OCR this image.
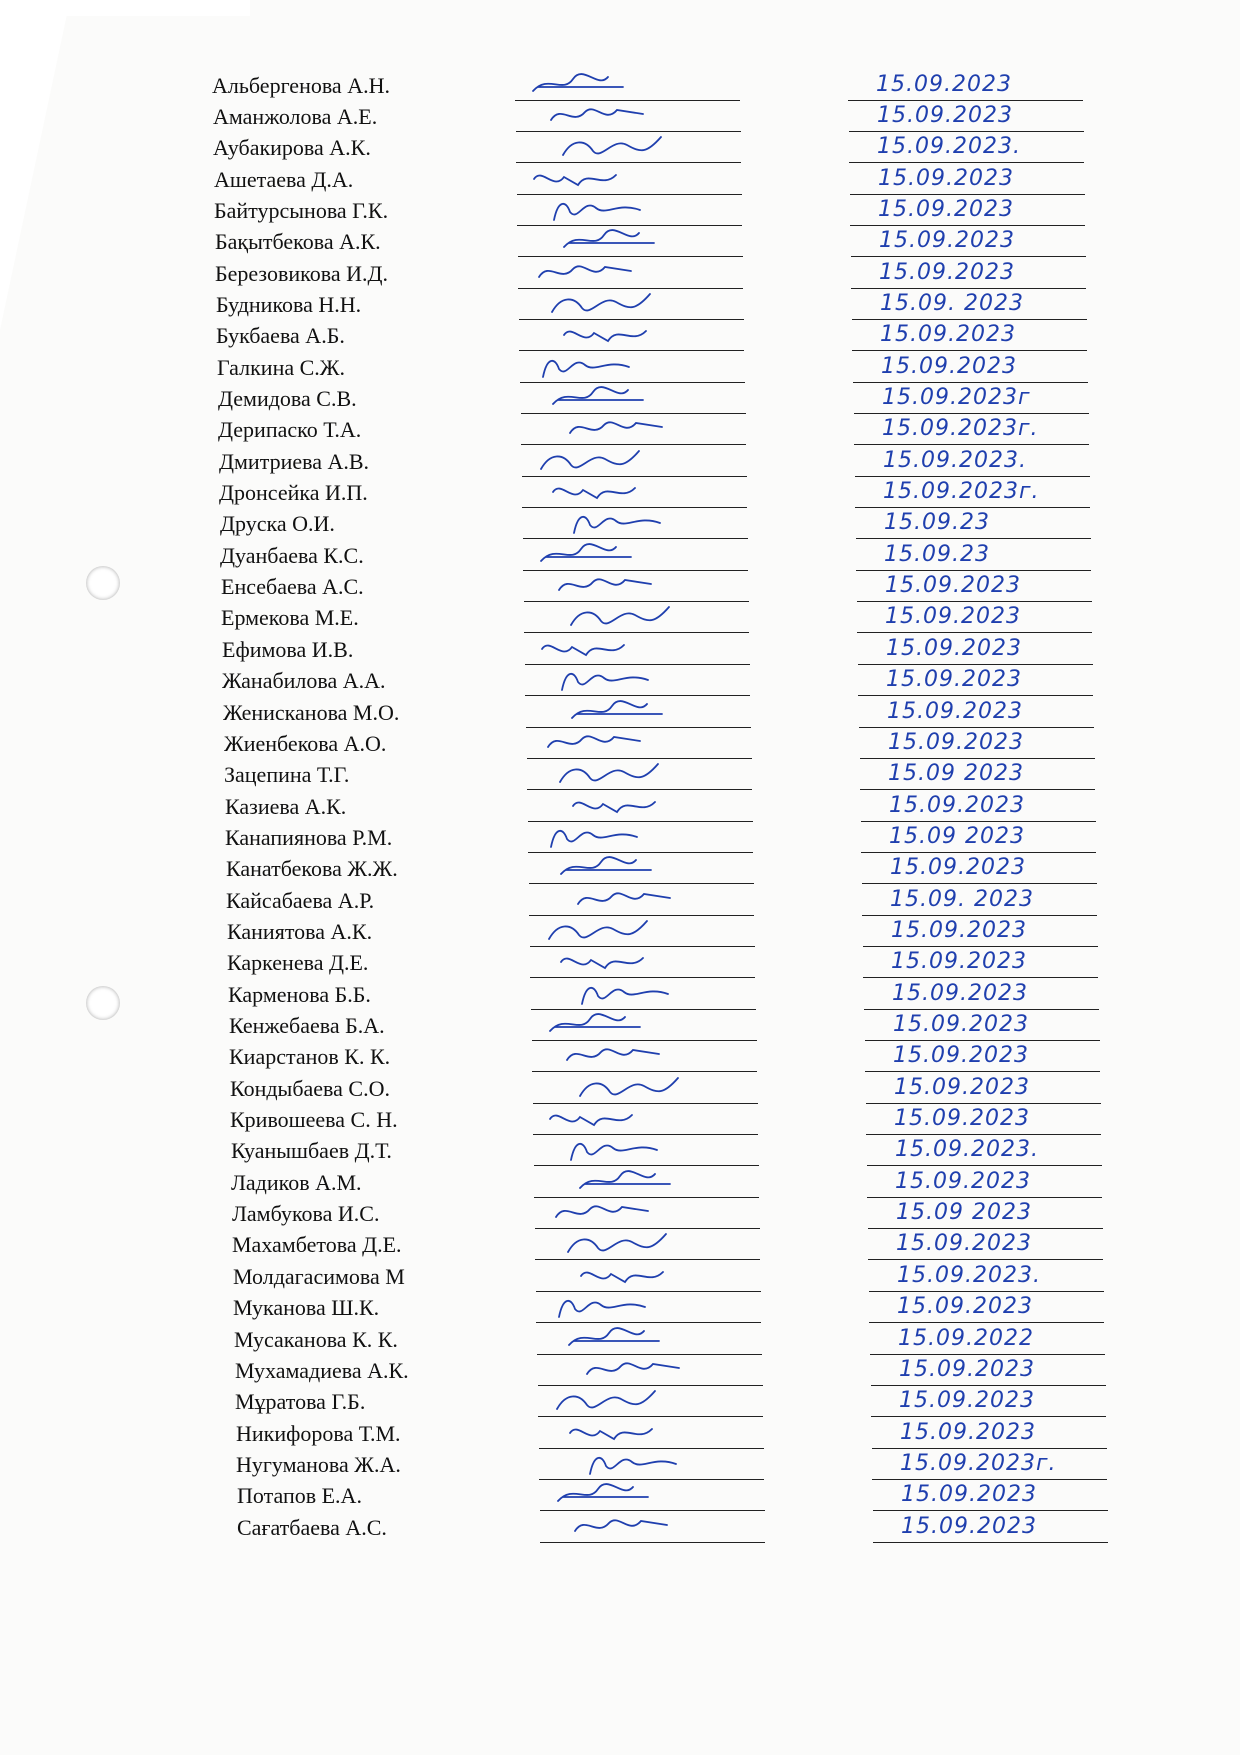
Альбергенова А.Н.	15.09.2023
Аманжолова А.Е.	15.09.2023
Аубакирова А.К.	15.09.2023.
Ашетаева Д.А.	15.09.2023
Байтурсынова Г.К.	15.09.2023
Бақытбекова А.К.	15.09.2023
Березовикова И.Д.	15.09.2023
Будникова Н.Н.	15.09. 2023
Букбаева А.Б.	15.09.2023
Галкина С.Ж.	15.09.2023
Демидова С.В.	15.09.2023г
Дерипаско Т.А.	15.09.2023г.
Дмитриева А.В.	15.09.2023.
Дронсейка И.П.	15.09.2023г.
Друска О.И.	15.09.23
Дуанбаева К.С.	15.09.23
Енсебаева А.С.	15.09.2023
Ермекова М.Е.	15.09.2023
Ефимова И.В.	15.09.2023
Жанабилова А.А.	15.09.2023
Женисканова М.О.	15.09.2023
Жиенбекова А.О.	15.09.2023
Зацепина Т.Г.	15.09 2023
Казиева А.К.	15.09.2023
Канапиянова Р.М.	15.09 2023
Канатбекова Ж.Ж.	15.09.2023
Кайсабаева А.Р.	15.09. 2023
Каниятова А.К.	15.09.2023
Каркенева Д.Е.	15.09.2023
Карменова Б.Б.	15.09.2023
Кенжебаева Б.А.	15.09.2023
Киарстанов К. К.	15.09.2023
Кондыбаева С.О.	15.09.2023
Кривошеева С. Н.	15.09.2023
Куанышбаев Д.Т.	15.09.2023.
Ладиков А.М.	15.09.2023
Ламбукова И.С.	15.09 2023
Махамбетова Д.Е.	15.09.2023
Молдагасимова М	15.09.2023.
Муканова Ш.К.	15.09.2023
Мусаканова К. К.	15.09.2022
Мухамадиева А.К.	15.09.2023
Мұратова Г.Б.	15.09.2023
Никифорова Т.М.	15.09.2023
Нугуманова Ж.А.	15.09.2023г.
Потапов Е.А.	15.09.2023
Сағатбаева А.С.	15.09.2023
